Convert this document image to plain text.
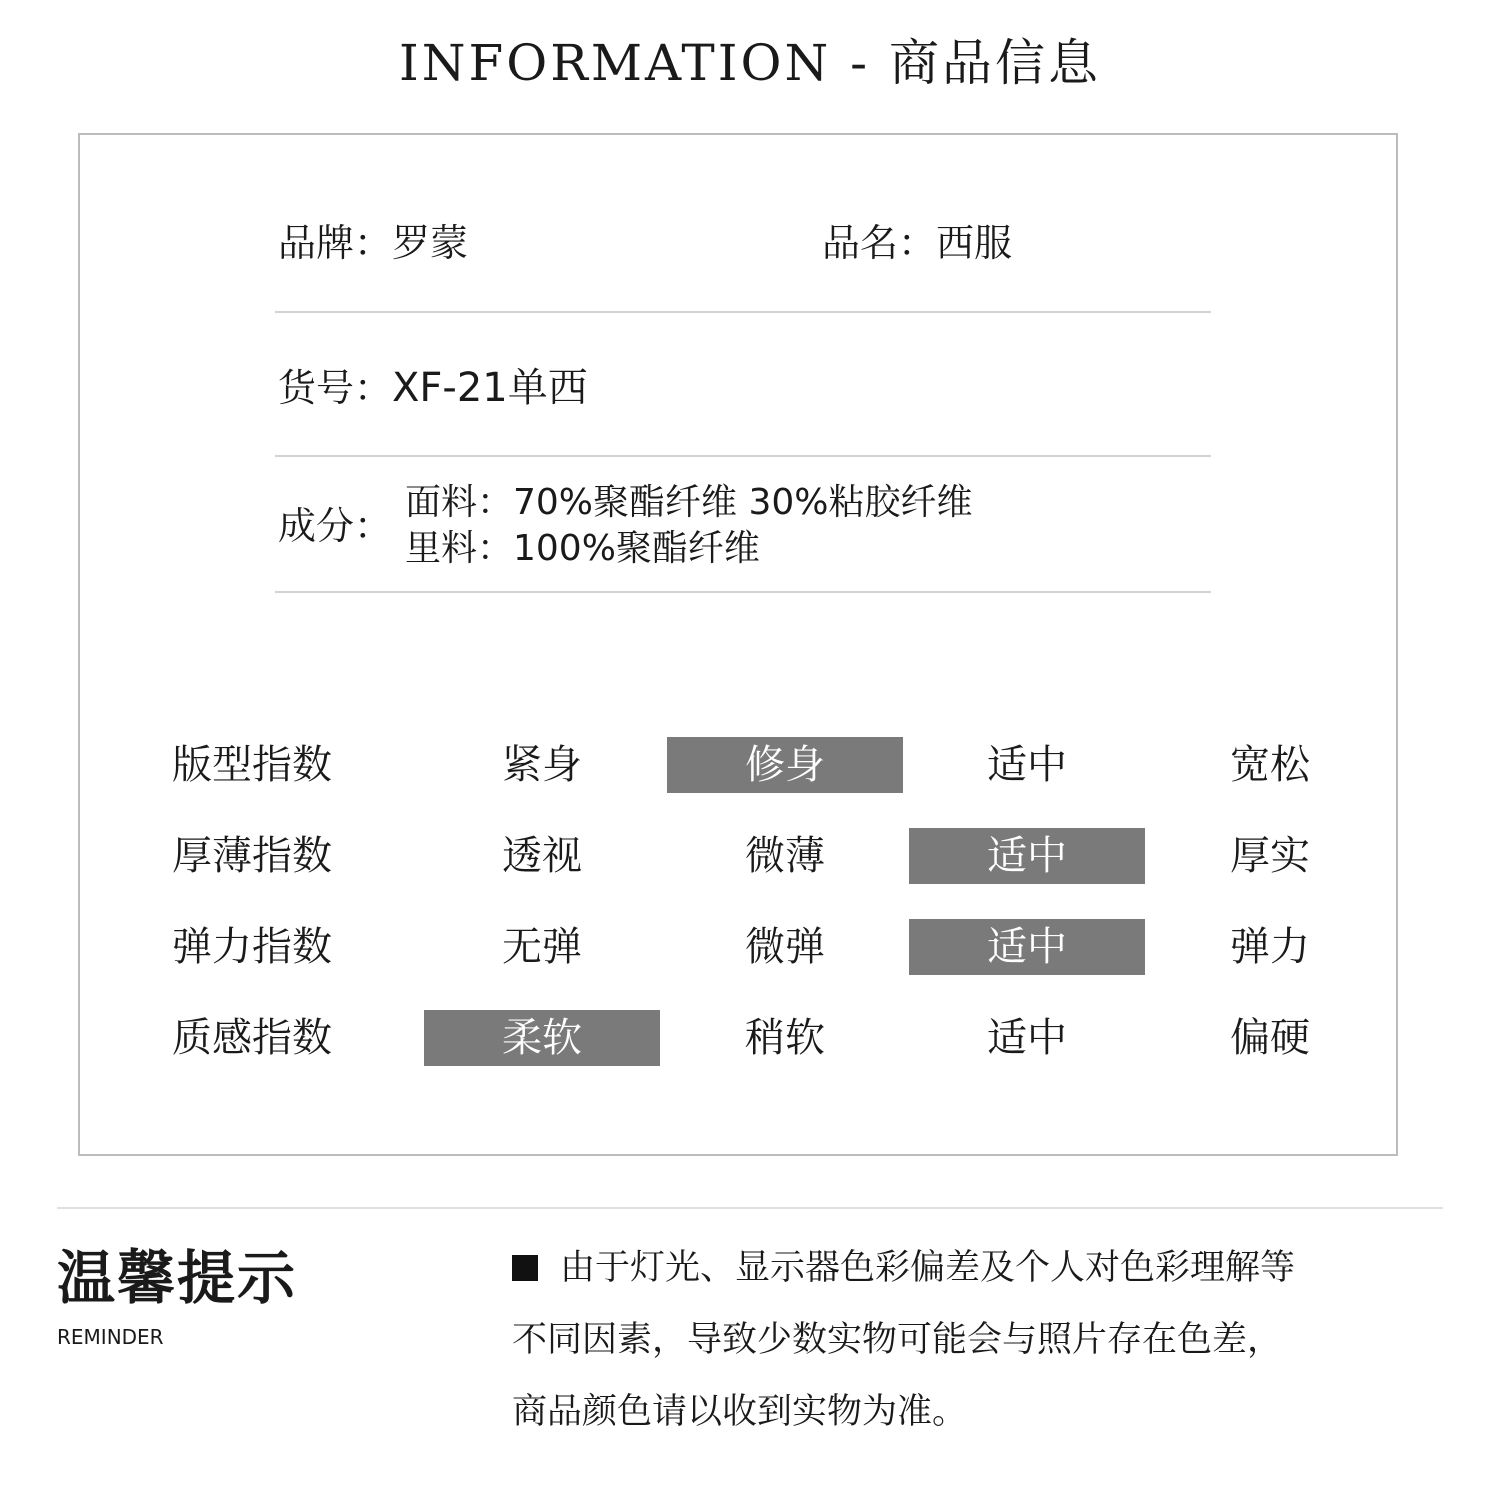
INFORMATION - 商品信息
品牌：罗蒙	品名：西服
货号：XF-21单西
成分：
面料：70%聚酯纤维 30%粘胶纤维
里料：100%聚酯纤维
版型指数	紧身	修身	适中	宽松
厚薄指数	透视	微薄	适中	厚实
弹力指数	无弹	微弹	适中	弹力
质感指数	柔软	稍软	适中	偏硬
温馨提示
REMINDER
由于灯光、显示器色彩偏差及个人对色彩理解等
不同因素，导致少数实物可能会与照片存在色差，
商品颜色请以收到实物为准。
